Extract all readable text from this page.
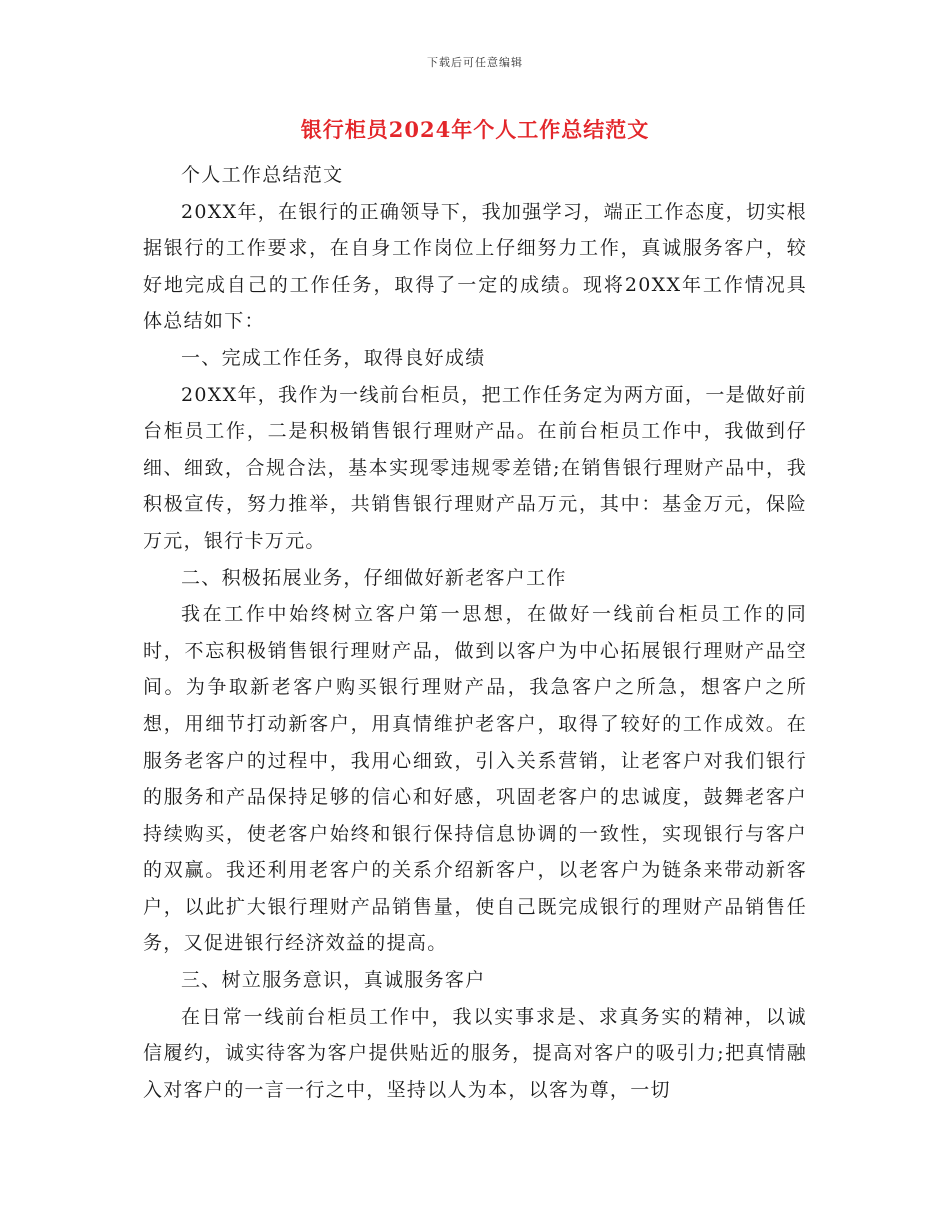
下载后可任意编辑
银行柜员2024年个人工作总结范文

个人工作总结范文

20XX年，在银行的正确领导下，我加强学习，端正工作态度，切实根据银行的工作要求，在自身工作岗位上仔细努力工作，真诚服务客户，较好地完成自己的工作任务，取得了一定的成绩。现将20XX年工作情况具体总结如下：

一、完成工作任务，取得良好成绩

20XX年，我作为一线前台柜员，把工作任务定为两方面，一是做好前台柜员工作，二是积极销售银行理财产品。在前台柜员工作中，我做到仔细、细致，合规合法，基本实现零违规零差错;在销售银行理财产品中，我积极宣传，努力推举，共销售银行理财产品万元，其中：基金万元，保险万元，银行卡万元。

二、积极拓展业务，仔细做好新老客户工作

我在工作中始终树立客户第一思想，在做好一线前台柜员工作的同时，不忘积极销售银行理财产品，做到以客户为中心拓展银行理财产品空间。为争取新老客户购买银行理财产品，我急客户之所急，想客户之所想，用细节打动新客户，用真情维护老客户，取得了较好的工作成效。在服务老客户的过程中，我用心细致，引入关系营销，让老客户对我们银行的服务和产品保持足够的信心和好感，巩固老客户的忠诚度，鼓舞老客户持续购买，使老客户始终和银行保持信息协调的一致性，实现银行与客户的双赢。我还利用老客户的关系介绍新客户，以老客户为链条来带动新客户，以此扩大银行理财产品销售量，使自己既完成银行的理财产品销售任务，又促进银行经济效益的提高。

三、树立服务意识，真诚服务客户

在日常一线前台柜员工作中，我以实事求是、求真务实的精神，以诚信履约，诚实待客为客户提供贴近的服务，提高对客户的吸引力;把真情融入对客户的一言一行之中，坚持以人为本，以客为尊，一切
